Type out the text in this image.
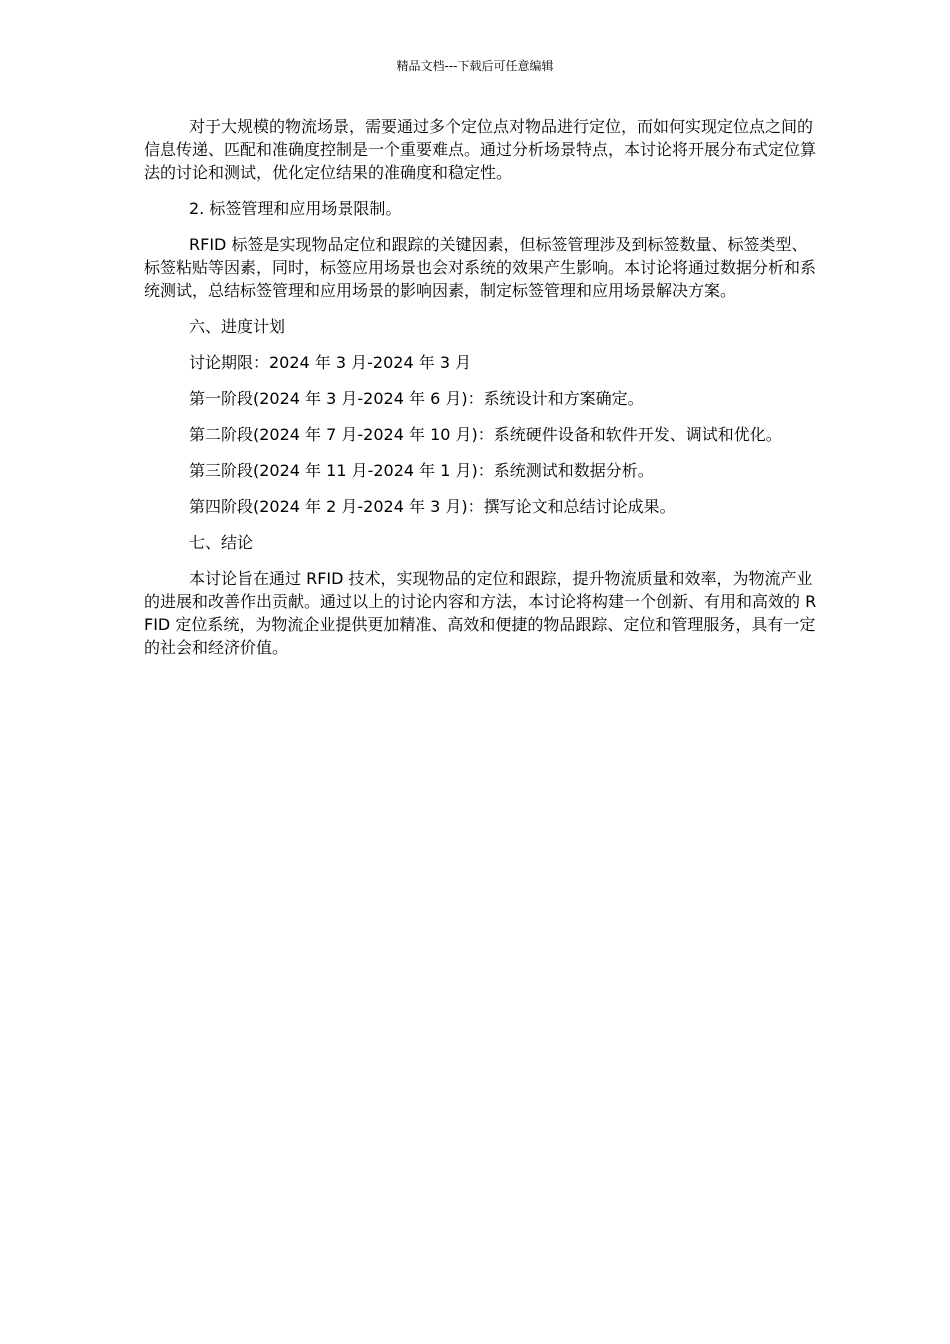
精品文档---下载后可任意编辑

对于大规模的物流场景，需要通过多个定位点对物品进行定位，而如何实现定位点之间的信息传递、匹配和准确度控制是一个重要难点。通过分析场景特点，本讨论将开展分布式定位算法的讨论和测试，优化定位结果的准确度和稳定性。

2. 标签管理和应用场景限制。

RFID 标签是实现物品定位和跟踪的关键因素，但标签管理涉及到标签数量、标签类型、标签粘贴等因素，同时，标签应用场景也会对系统的效果产生影响。本讨论将通过数据分析和系统测试，总结标签管理和应用场景的影响因素，制定标签管理和应用场景解决方案。

六、进度计划

讨论期限：2024 年 3 月-2024 年 3 月

第一阶段(2024 年 3 月-2024 年 6 月)：系统设计和方案确定。

第二阶段(2024 年 7 月-2024 年 10 月)：系统硬件设备和软件开发、调试和优化。

第三阶段(2024 年 11 月-2024 年 1 月)：系统测试和数据分析。

第四阶段(2024 年 2 月-2024 年 3 月)：撰写论文和总结讨论成果。

七、结论

本讨论旨在通过 RFID 技术，实现物品的定位和跟踪，提升物流质量和效率，为物流产业的进展和改善作出贡献。通过以上的讨论内容和方法，本讨论将构建一个创新、有用和高效的 RFID 定位系统，为物流企业提供更加精准、高效和便捷的物品跟踪、定位和管理服务，具有一定的社会和经济价值。
